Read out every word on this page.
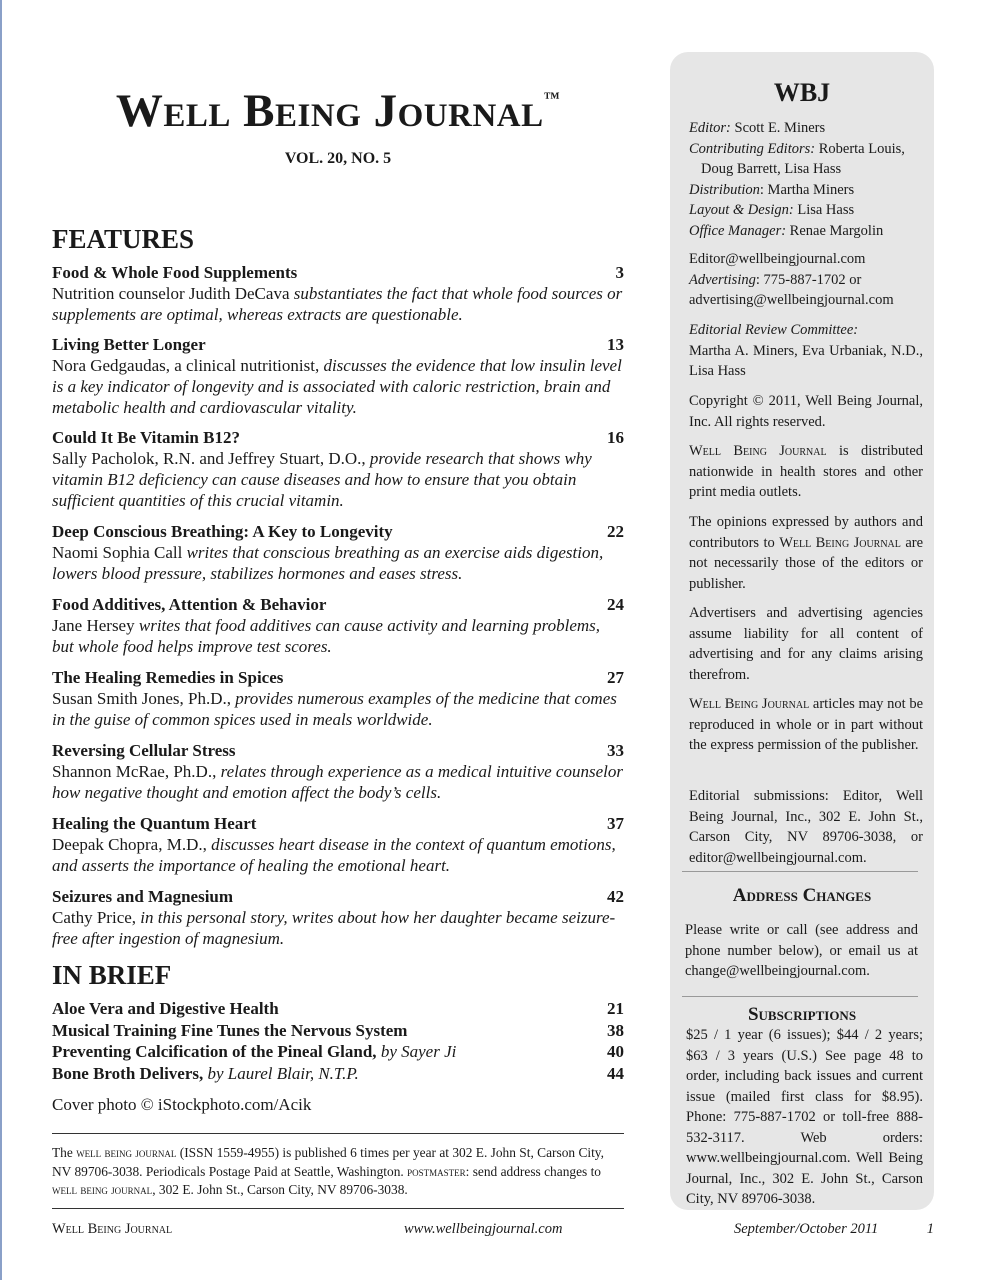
Well Being Journal™
VOL. 20, NO. 5
FEATURES
Food & Whole Food Supplements	3

Nutrition counselor Judith DeCava substantiates the fact that whole food sources or supplements are optimal, whereas extracts are questionable.

Living Better Longer	13

Nora Gedgaudas, a clinical nutritionist, discusses the evidence that low insulin level is a key indicator of longevity and is associated with caloric restriction, brain and metabolic health and cardiovascular vitality.

Could It Be Vitamin B12?	16

Sally Pacholok, R.N. and Jeffrey Stuart, D.O., provide research that shows why vitamin B12 deficiency can cause diseases and how to ensure that you obtain sufficient quantities of this crucial vitamin.

Deep Conscious Breathing: A Key to Longevity	22

Naomi Sophia Call writes that conscious breathing as an exercise aids digestion, lowers blood pressure, stabilizes hormones and eases stress.

Food Additives, Attention & Behavior	24

Jane Hersey writes that food additives can cause activity and learning problems, but whole food helps improve test scores.

The Healing Remedies in Spices	27

Susan Smith Jones, Ph.D., provides numerous examples of the medicine that comes in the guise of common spices used in meals worldwide.

Reversing Cellular Stress	33

Shannon McRae, Ph.D., relates through experience as a medical intuitive counselor how negative thought and emotion affect the body’s cells.

Healing the Quantum Heart	37

Deepak Chopra, M.D., discusses heart disease in the context of quantum emotions, and asserts the importance of healing the emotional heart.

Seizures and Magnesium	42

Cathy Price, in this personal story, writes about how her daughter became seizure-free after ingestion of magnesium.

IN BRIEF
Aloe Vera and Digestive Health	21
Musical Training Fine Tunes the Nervous System	38
Preventing Calcification of the Pineal Gland, by Sayer Ji	40
Bone Broth Delivers, by Laurel Blair, N.T.P.	44
Cover photo © iStockphoto.com/Acik
The well being journal (ISSN 1559-4955) is published 6 times per year at 302 E. John St, Carson City, NV 89706-3038. Periodicals Postage Paid at Seattle, Washington. postmaster: send address changes to well being journal, 302 E. John St., Carson City, NV 89706-3038.
Well Being Journal	www.wellbeingjournal.com	September/October 2011	1
WBJ
Editor: Scott E. Miners
Contributing Editors: Roberta Louis, Doug Barrett, Lisa Hass
Distribution: Martha Miners
Layout & Design: Lisa Hass
Office Manager: Renae Margolin
Editor@wellbeingjournal.com
Advertising: 775-887-1702 or advertising@wellbeingjournal.com
Editorial Review Committee:
Martha A. Miners, Eva Urbaniak, N.D., Lisa Hass
Copyright © 2011, Well Being Journal, Inc. All rights reserved.
Well Being Journal is distributed nationwide in health stores and other print media outlets.
The opinions expressed by authors and contributors to Well Being Journal are not necessarily those of the editors or publisher.
Advertisers and advertising agencies assume liability for all content of advertising and for any claims arising therefrom.
Well Being Journal articles may not be reproduced in whole or in part without the express permission of the publisher.
Editorial submissions: Editor, Well Being Journal, Inc., 302 E. John St., Carson City, NV 89706-3038, or editor@wellbeingjournal.com.
Address Changes
Please write or call (see address and phone number below), or email us at change@wellbeingjournal.com.
Subscriptions
$25 / 1 year (6 issues); $44 / 2 years; $63 / 3 years (U.S.) See page 48 to order, including back issues and current issue (mailed first class for $8.95). Phone: 775-887-1702 or toll-free 888-532-3117. Web orders: www.wellbeingjournal.com. Well Being Journal, Inc., 302 E. John St., Carson City, NV 89706-3038.
